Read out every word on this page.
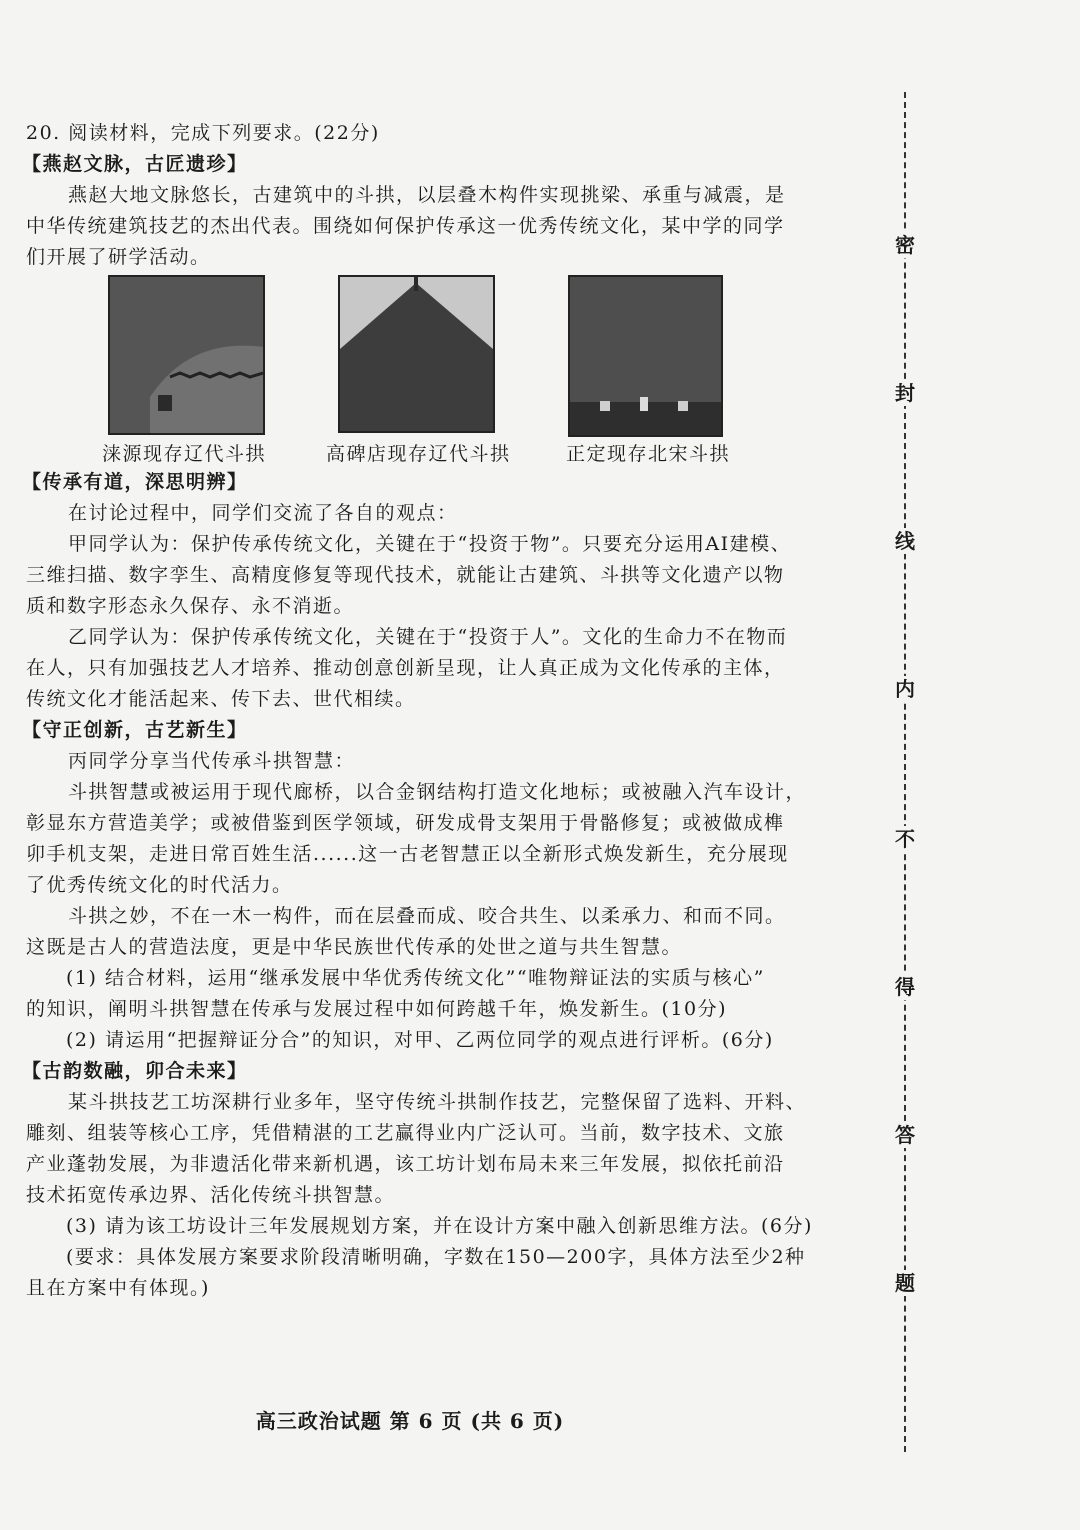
20. 阅读材料，完成下列要求。(22分)
【燕赵文脉，古匠遗珍】
燕赵大地文脉悠长，古建筑中的斗拱，以层叠木构件实现挑梁、承重与减震，是
中华传统建筑技艺的杰出代表。围绕如何保护传承这一优秀传统文化，某中学的同学
们开展了研学活动。
涞源现存辽代斗拱	高碑店现存辽代斗拱	正定现存北宋斗拱
【传承有道，深思明辨】
在讨论过程中，同学们交流了各自的观点：
甲同学认为：保护传承传统文化，关键在于“投资于物”。只要充分运用AI建模、
三维扫描、数字孪生、高精度修复等现代技术，就能让古建筑、斗拱等文化遗产以物
质和数字形态永久保存、永不消逝。
乙同学认为：保护传承传统文化，关键在于“投资于人”。文化的生命力不在物而
在人，只有加强技艺人才培养、推动创意创新呈现，让人真正成为文化传承的主体，
传统文化才能活起来、传下去、世代相续。
【守正创新，古艺新生】
丙同学分享当代传承斗拱智慧：
斗拱智慧或被运用于现代廊桥，以合金钢结构打造文化地标；或被融入汽车设计，
彰显东方营造美学；或被借鉴到医学领域，研发成骨支架用于骨骼修复；或被做成榫
卯手机支架，走进日常百姓生活......这一古老智慧正以全新形式焕发新生，充分展现
了优秀传统文化的时代活力。
斗拱之妙，不在一木一构件，而在层叠而成、咬合共生、以柔承力、和而不同。
这既是古人的营造法度，更是中华民族世代传承的处世之道与共生智慧。
(1) 结合材料，运用“继承发展中华优秀传统文化”“唯物辩证法的实质与核心”
的知识，阐明斗拱智慧在传承与发展过程中如何跨越千年，焕发新生。(10分)
(2) 请运用“把握辩证分合”的知识，对甲、乙两位同学的观点进行评析。(6分)
【古韵数融，卯合未来】
某斗拱技艺工坊深耕行业多年，坚守传统斗拱制作技艺，完整保留了选料、开料、
雕刻、组装等核心工序，凭借精湛的工艺赢得业内广泛认可。当前，数字技术、文旅
产业蓬勃发展，为非遗活化带来新机遇，该工坊计划布局未来三年发展，拟依托前沿
技术拓宽传承边界、活化传统斗拱智慧。
(3) 请为该工坊设计三年发展规划方案，并在设计方案中融入创新思维方法。(6分)
(要求：具体发展方案要求阶段清晰明确，字数在150—200字，具体方法至少2种
且在方案中有体现。)
密
封
线
内
不
得
答
题
高三政治试题 第 6 页 (共 6 页)
